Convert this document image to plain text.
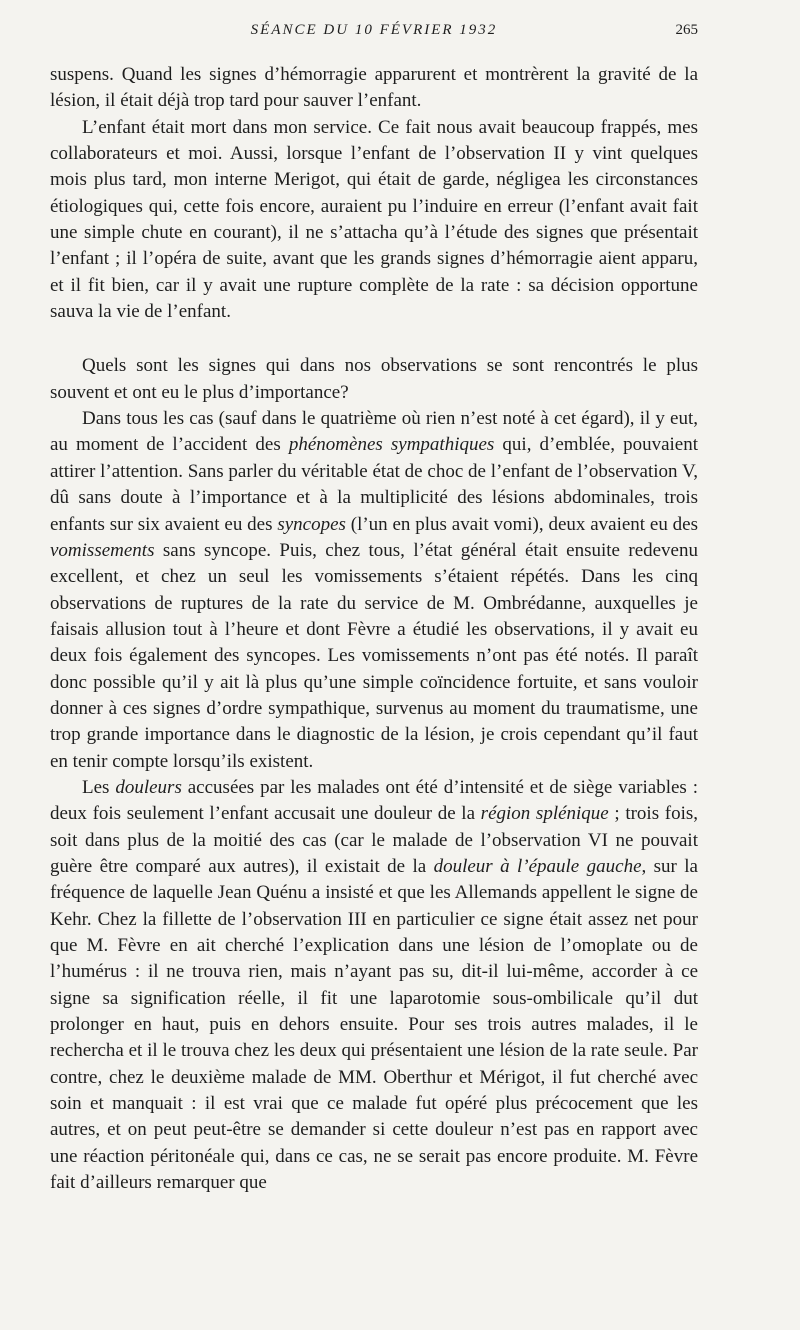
SÉANCE DU 10 FÉVRIER 1932	265

suspens. Quand les signes d’hémorragie apparurent et montrèrent la gravité de la lésion, il était déjà trop tard pour sauver l’enfant.

L’enfant était mort dans mon service. Ce fait nous avait beaucoup frappés, mes collaborateurs et moi. Aussi, lorsque l’enfant de l’observation II y vint quelques mois plus tard, mon interne Merigot, qui était de garde, négligea les circonstances étiologiques qui, cette fois encore, auraient pu l’induire en erreur (l’enfant avait fait une simple chute en courant), il ne s’attacha qu’à l’étude des signes que présentait l’enfant ; il l’opéra de suite, avant que les grands signes d’hémorragie aient apparu, et il fit bien, car il y avait une rupture complète de la rate : sa décision opportune sauva la vie de l’enfant.

Quels sont les signes qui dans nos observations se sont rencontrés le plus souvent et ont eu le plus d’importance?

Dans tous les cas (sauf dans le quatrième où rien n’est noté à cet égard), il y eut, au moment de l’accident des phénomènes sympathiques qui, d’emblée, pouvaient attirer l’attention. Sans parler du véritable état de choc de l’enfant de l’observation V, dû sans doute à l’importance et à la multiplicité des lésions abdominales, trois enfants sur six avaient eu des syncopes (l’un en plus avait vomi), deux avaient eu des vomissements sans syncope. Puis, chez tous, l’état général était ensuite redevenu excellent, et chez un seul les vomissements s’étaient répétés. Dans les cinq observations de ruptures de la rate du service de M. Ombrédanne, auxquelles je faisais allusion tout à l’heure et dont Fèvre a étudié les observations, il y avait eu deux fois également des syncopes. Les vomissements n’ont pas été notés. Il paraît donc possible qu’il y ait là plus qu’une simple coïncidence fortuite, et sans vouloir donner à ces signes d’ordre sympathique, survenus au moment du traumatisme, une trop grande importance dans le diagnostic de la lésion, je crois cependant qu’il faut en tenir compte lorsqu’ils existent.

Les douleurs accusées par les malades ont été d’intensité et de siège variables : deux fois seulement l’enfant accusait une douleur de la région splénique ; trois fois, soit dans plus de la moitié des cas (car le malade de l’observation VI ne pouvait guère être comparé aux autres), il existait de la douleur à l’épaule gauche, sur la fréquence de laquelle Jean Quénu a insisté et que les Allemands appellent le signe de Kehr. Chez la fillette de l’observation III en particulier ce signe était assez net pour que M. Fèvre en ait cherché l’explication dans une lésion de l’omoplate ou de l’humérus : il ne trouva rien, mais n’ayant pas su, dit-il lui-même, accorder à ce signe sa signification réelle, il fit une laparotomie sous-ombilicale qu’il dut prolonger en haut, puis en dehors ensuite. Pour ses trois autres malades, il le rechercha et il le trouva chez les deux qui présentaient une lésion de la rate seule. Par contre, chez le deuxième malade de MM. Oberthur et Mérigot, il fut cherché avec soin et manquait : il est vrai que ce malade fut opéré plus précocement que les autres, et on peut peut-être se demander si cette douleur n’est pas en rapport avec une réaction péritonéale qui, dans ce cas, ne se serait pas encore produite. M. Fèvre fait d’ailleurs remarquer que
